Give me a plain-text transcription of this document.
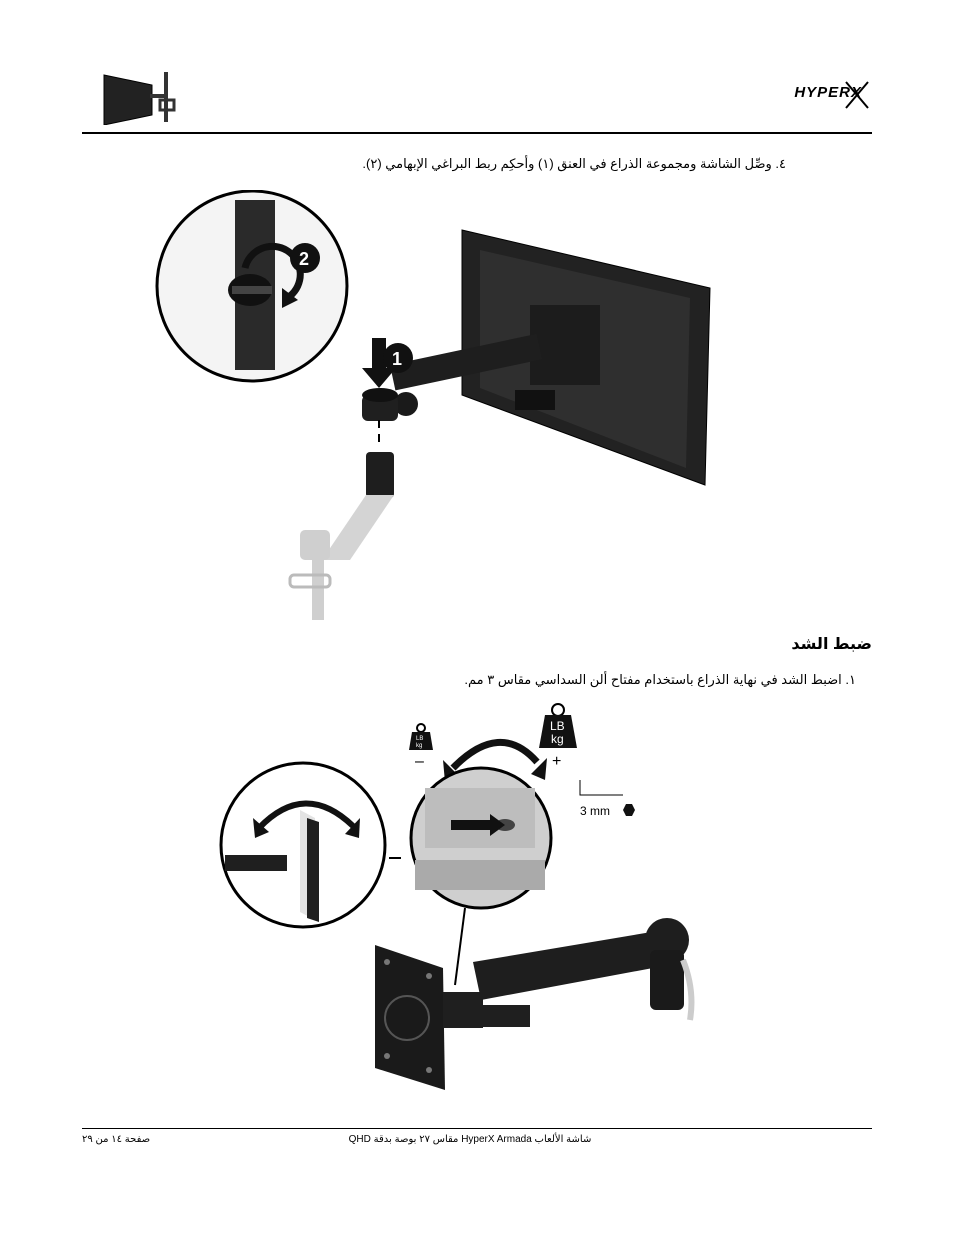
HYPERX
٤. وصِّل الشاشة ومجموعة الذراع في العنق (١) وأحكِم ربط البراغي الإبهامي (٢).
2
1
ضبط الشد
١. اضبط الشد في نهاية الذراع باستخدام مفتاح ألن السداسي مقاس ٣ مم.
LB
kg
–
LB
kg
+
3 mm
صفحة ١٤ من ٢٩	شاشة الألعاب HyperX Armada مقاس ٢٧ بوصة بدقة QHD
